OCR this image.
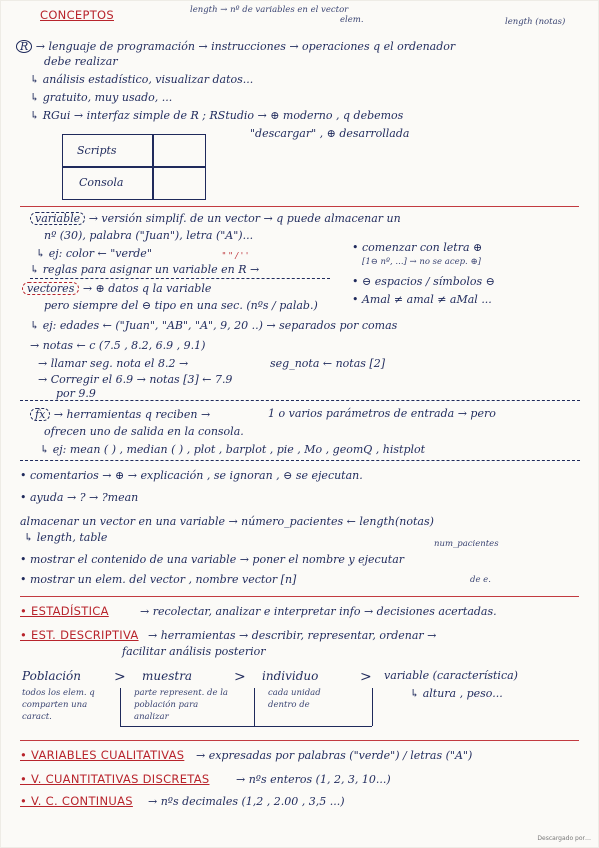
CONCEPTOS	length → nº de variables en el vector
elem.	length (notas)
R → lenguaje de programación → instrucciones → operaciones q el ordenador
debe realizar
↳ análisis estadístico, visualizar datos...
↳ gratuito, muy usado, ...
↳ RGui → interfaz simple de R ; RStudio → ⊕ moderno , q debemos
"descargar" , ⊕ desarrollada
Scripts
Consola
variable → versión simplif. de un vector → q puede almacenar un
nº (30), palabra ("Juan"), letra ("A")...
↳ ej: color ← "verde"	" " / ' '
↳ reglas para asignar un variable en R →
• comenzar con letra ⊕
[1⊖ nº, ...] → no se acep. ⊕]
• ⊖ espacios / símbolos ⊖
• Amal ≠ amal ≠ aMal ...
vectores → ⊕ datos q la variable
pero siempre del ⊖ tipo en una sec. (nºs / palab.)
↳ ej: edades ← ("Juan", "AB", "A", 9, 20 ..) → separados por comas
→ notas ← c (7.5 , 8.2, 6.9 , 9.1)
→ llamar seg. nota el 8.2 →	seg_nota ← notas [2]
→ Corregir el 6.9 → notas [3] ← 7.9
por 9.9
fx → herramientas q reciben →	1 o varios parámetros de entrada → pero
ofrecen uno de salida en la consola.
↳ ej: mean ( ) , median ( ) , plot , barplot , pie , Mo , geomQ , histplot
• comentarios → ⊕ → explicación , se ignoran , ⊖ se ejecutan.
• ayuda → ? → ?mean
almacenar un vector en una variable → número_pacientes ← length(notas)
↳ length, table	num_pacientes
• mostrar el contenido de una variable → poner el nombre y ejecutar
• mostrar un elem. del vector , nombre vector [n]	de e.
• ESTADÍSTICA	→ recolectar, analizar e interpretar info → decisiones acertadas.
• EST. DESCRIPTIVA → herramientas → describir, representar, ordenar →
facilitar análisis posterior
Población
todos los elem. q comparten una caract.
> muestra
parte represent. de la población para analizar
> individuo
cada unidad dentro de
> variable (característica)
↳ altura , peso...
• VARIABLES CUALITATIVAS → expresadas por palabras ("verde") / letras ("A")
• V. CUANTITATIVAS DISCRETAS → nºs enteros (1, 2, 3, 10...)
• V. C. CONTINUAS → nºs decimales (1,2 , 2.00 , 3,5 ...)
Descargado por…
